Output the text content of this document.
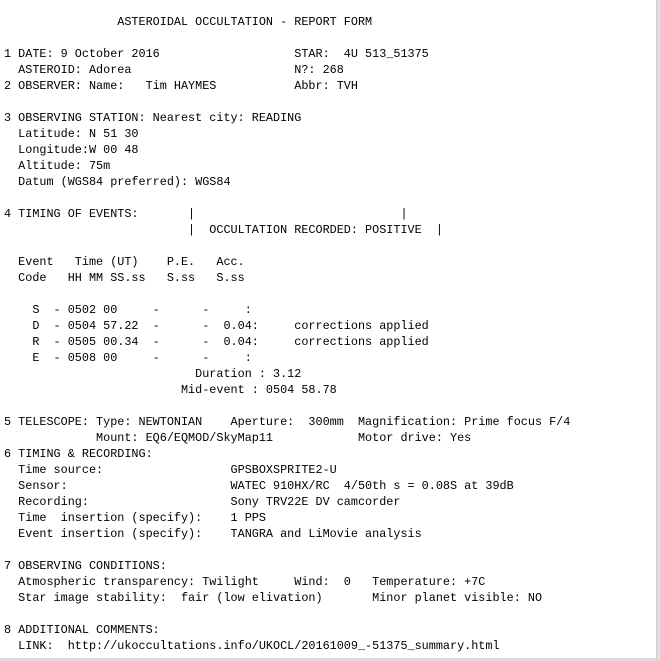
ASTEROIDAL OCCULTATION - REPORT FORM
1 DATE: 9 October 2016                   STAR:  4U 513_51375
ASTEROID: Adorea                       N?: 268
2 OBSERVER: Name:   Tim HAYMES           Abbr: TVH
3 OBSERVING STATION: Nearest city: READING
Latitude: N 51 30
Longitude:W 00 48
Altitude: 75m
Datum (WGS84 preferred): WGS84
4 TIMING OF EVENTS:       |                             |
|  OCCULTATION RECORDED: POSITIVE  |
Event   Time (UT)    P.E.   Acc.
Code   HH MM SS.ss   S.ss   S.ss
S  - 0502 00     -      -     :
D  - 0504 57.22  -      -  0.04:     corrections applied
R  - 0505 00.34  -      -  0.04:     corrections applied
E  - 0508 00     -      -     :
Duration : 3.12
Mid-event : 0504 58.78
5 TELESCOPE: Type: NEWTONIAN    Aperture:  300mm  Magnification: Prime focus F/4
Mount: EQ6/EQMOD/SkyMap11            Motor drive: Yes
6 TIMING & RECORDING:
Time source:                  GPSBOXSPRITE2-U
Sensor:                       WATEC 910HX/RC  4/50th s = 0.08S at 39dB
Recording:                    Sony TRV22E DV camcorder
Time  insertion (specify):    1 PPS
Event insertion (specify):    TANGRA and LiMovie analysis
7 OBSERVING CONDITIONS:
Atmospheric transparency: Twilight     Wind:  0   Temperature: +7C
Star image stability:  fair (low elivation)       Minor planet visible: NO
8 ADDITIONAL COMMENTS:
LINK:  http://ukoccultations.info/UKOCL/20161009_-51375_summary.html
